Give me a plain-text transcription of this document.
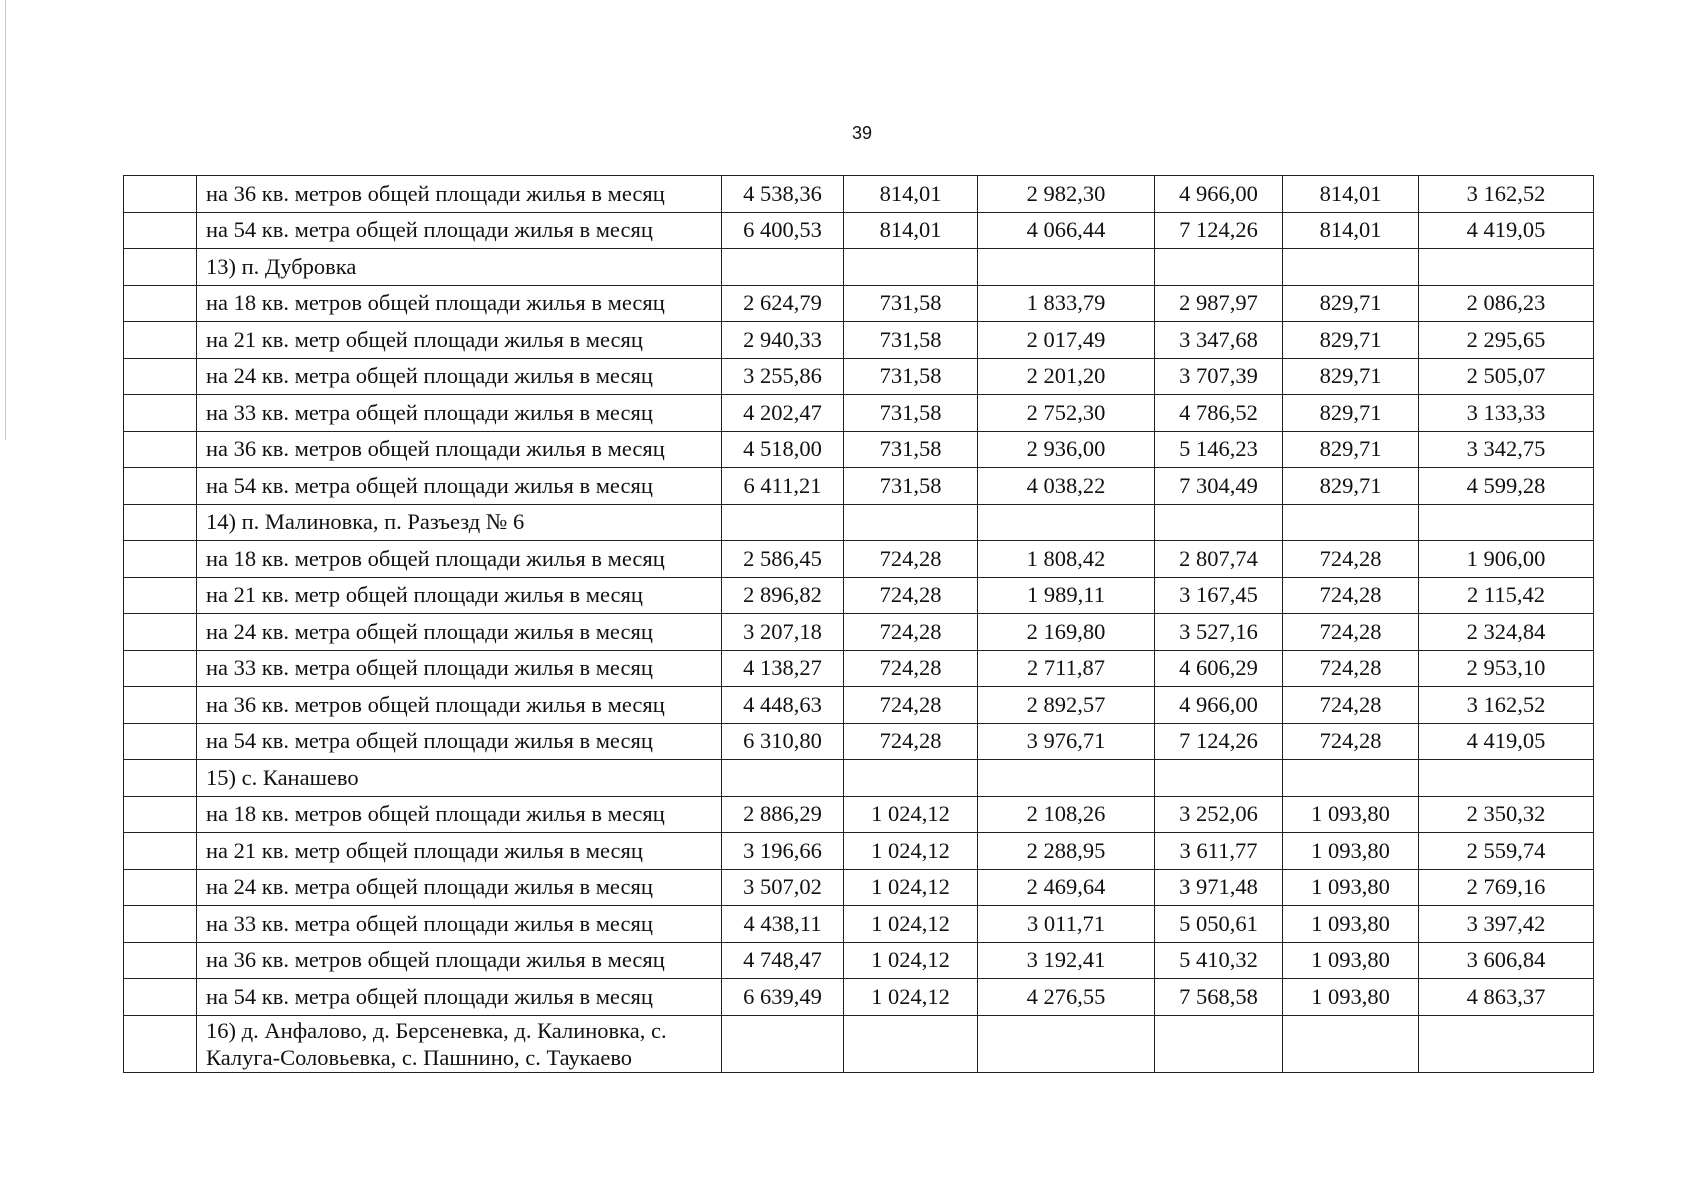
39
	на 36 кв. метров общей площади жилья в месяц	4 538,36	814,01	2 982,30	4 966,00	814,01	3 162,52
	на 54 кв. метра общей площади жилья в месяц	6 400,53	814,01	4 066,44	7 124,26	814,01	4 419,05
	13) п. Дубровка						
	на 18 кв. метров общей площади жилья в месяц	2 624,79	731,58	1 833,79	2 987,97	829,71	2 086,23
	на 21 кв. метр общей площади жилья в месяц	2 940,33	731,58	2 017,49	3 347,68	829,71	2 295,65
	на 24 кв. метра общей площади жилья в месяц	3 255,86	731,58	2 201,20	3 707,39	829,71	2 505,07
	на 33 кв. метра общей площади жилья в месяц	4 202,47	731,58	2 752,30	4 786,52	829,71	3 133,33
	на 36 кв. метров общей площади жилья в месяц	4 518,00	731,58	2 936,00	5 146,23	829,71	3 342,75
	на 54 кв. метра общей площади жилья в месяц	6 411,21	731,58	4 038,22	7 304,49	829,71	4 599,28
	14) п. Малиновка, п. Разъезд № 6						
	на 18 кв. метров общей площади жилья в месяц	2 586,45	724,28	1 808,42	2 807,74	724,28	1 906,00
	на 21 кв. метр общей площади жилья в месяц	2 896,82	724,28	1 989,11	3 167,45	724,28	2 115,42
	на 24 кв. метра общей площади жилья в месяц	3 207,18	724,28	2 169,80	3 527,16	724,28	2 324,84
	на 33 кв. метра общей площади жилья в месяц	4 138,27	724,28	2 711,87	4 606,29	724,28	2 953,10
	на 36 кв. метров общей площади жилья в месяц	4 448,63	724,28	2 892,57	4 966,00	724,28	3 162,52
	на 54 кв. метра общей площади жилья в месяц	6 310,80	724,28	3 976,71	7 124,26	724,28	4 419,05
	15) с. Канашево						
	на 18 кв. метров общей площади жилья в месяц	2 886,29	1 024,12	2 108,26	3 252,06	1 093,80	2 350,32
	на 21 кв. метр общей площади жилья в месяц	3 196,66	1 024,12	2 288,95	3 611,77	1 093,80	2 559,74
	на 24 кв. метра общей площади жилья в месяц	3 507,02	1 024,12	2 469,64	3 971,48	1 093,80	2 769,16
	на 33 кв. метра общей площади жилья в месяц	4 438,11	1 024,12	3 011,71	5 050,61	1 093,80	3 397,42
	на 36 кв. метров общей площади жилья в месяц	4 748,47	1 024,12	3 192,41	5 410,32	1 093,80	3 606,84
	на 54 кв. метра общей площади жилья в месяц	6 639,49	1 024,12	4 276,55	7 568,58	1 093,80	4 863,37
	16) д. Анфалово, д. Берсеневка, д. Калиновка, с. Калуга-Соловьевка, с. Пашнино, с. Таукаево						
